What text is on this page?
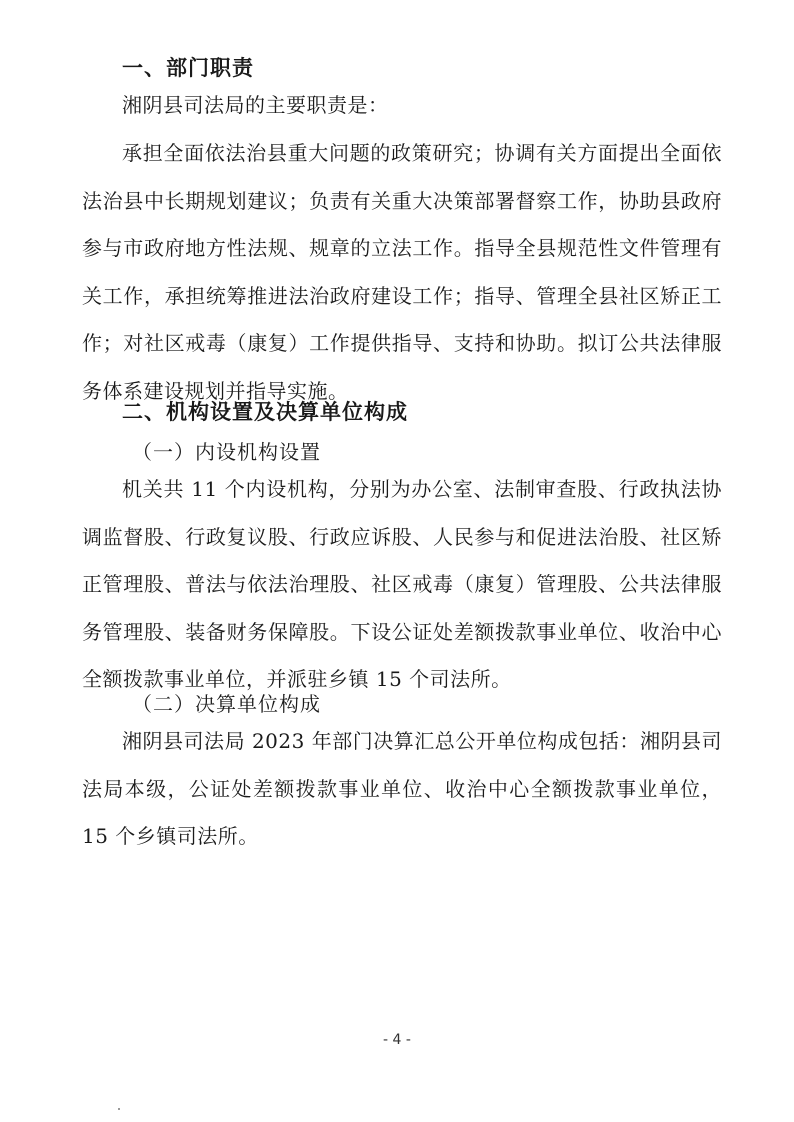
一、部门职责

湘阴县司法局的主要职责是：

承担全面依法治县重大问题的政策研究；协调有关方面提出全面依法治县中长期规划建议；负责有关重大决策部署督察工作，协助县政府参与市政府地方性法规、规章的立法工作。指导全县规范性文件管理有关工作，承担统筹推进法治政府建设工作；指导、管理全县社区矫正工作；对社区戒毒（康复）工作提供指导、支持和协助。拟订公共法律服务体系建设规划并指导实施。

二、机构设置及决算单位构成
（一）内设机构设置

机关共 11 个内设机构，分别为办公室、法制审查股、行政执法协调监督股、行政复议股、行政应诉股、人民参与和促进法治股、社区矫正管理股、普法与依法治理股、社区戒毒（康复）管理股、公共法律服务管理股、装备财务保障股。下设公证处差额拨款事业单位、收治中心全额拨款事业单位，并派驻乡镇 15 个司法所。

（二）决算单位构成

湘阴县司法局 2023 年部门决算汇总公开单位构成包括：湘阴县司法局本级，公证处差额拨款事业单位、收治中心全额拨款事业单位，15 个乡镇司法所。

- 4 -
